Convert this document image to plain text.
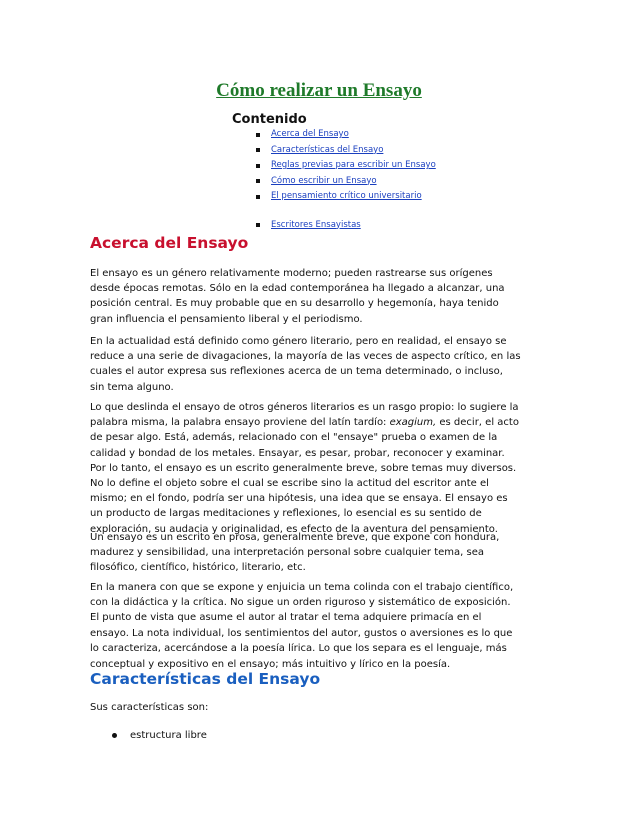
Cómo realizar un Ensayo
Contenido
Acerca del Ensayo
Características del Ensayo
Reglas previas para escribir un Ensayo
Cómo escribir un Ensayo
El pensamiento crítico universitario
Escritores Ensayistas
Acerca del Ensayo

El ensayo es un género relativamente moderno; pueden rastrearse sus orígenes
desde épocas remotas. Sólo en la edad contemporánea ha llegado a alcanzar, una
posición central. Es muy probable que en su desarrollo y hegemonía, haya tenido
gran influencia el pensamiento liberal y el periodismo.

En la actualidad está definido como género literario, pero en realidad, el ensayo se
reduce a una serie de divagaciones, la mayoría de las veces de aspecto crítico, en las
cuales el autor expresa sus reflexiones acerca de un tema determinado, o incluso,
sin tema alguno.

Lo que deslinda el ensayo de otros géneros literarios es un rasgo propio: lo sugiere la
palabra misma, la palabra ensayo proviene del latín tardío: exagium, es decir, el acto
de pesar algo. Está, además, relacionado con el "ensaye" prueba o examen de la
calidad y bondad de los metales. Ensayar, es pesar, probar, reconocer y examinar.
Por lo tanto, el ensayo es un escrito generalmente breve, sobre temas muy diversos.
No lo define el objeto sobre el cual se escribe sino la actitud del escritor ante el
mismo; en el fondo, podría ser una hipótesis, una idea que se ensaya. El ensayo es
un producto de largas meditaciones y reflexiones, lo esencial es su sentido de
exploración, su audacia y originalidad, es efecto de la aventura del pensamiento.

Un ensayo es un escrito en prosa, generalmente breve, que expone con hondura,
madurez y sensibilidad, una interpretación personal sobre cualquier tema, sea
filosófico, científico, histórico, literario, etc.

En la manera con que se expone y enjuicia un tema colinda con el trabajo científico,
con la didáctica y la crítica. No sigue un orden riguroso y sistemático de exposición.
El punto de vista que asume el autor al tratar el tema adquiere primacía en el
ensayo. La nota individual, los sentimientos del autor, gustos o aversiones es lo que
lo caracteriza, acercándose a la poesía lírica. Lo que los separa es el lenguaje, más
conceptual y expositivo en el ensayo; más intuitivo y lírico en la poesía.

Características del Ensayo

Sus características son:

estructura libre
